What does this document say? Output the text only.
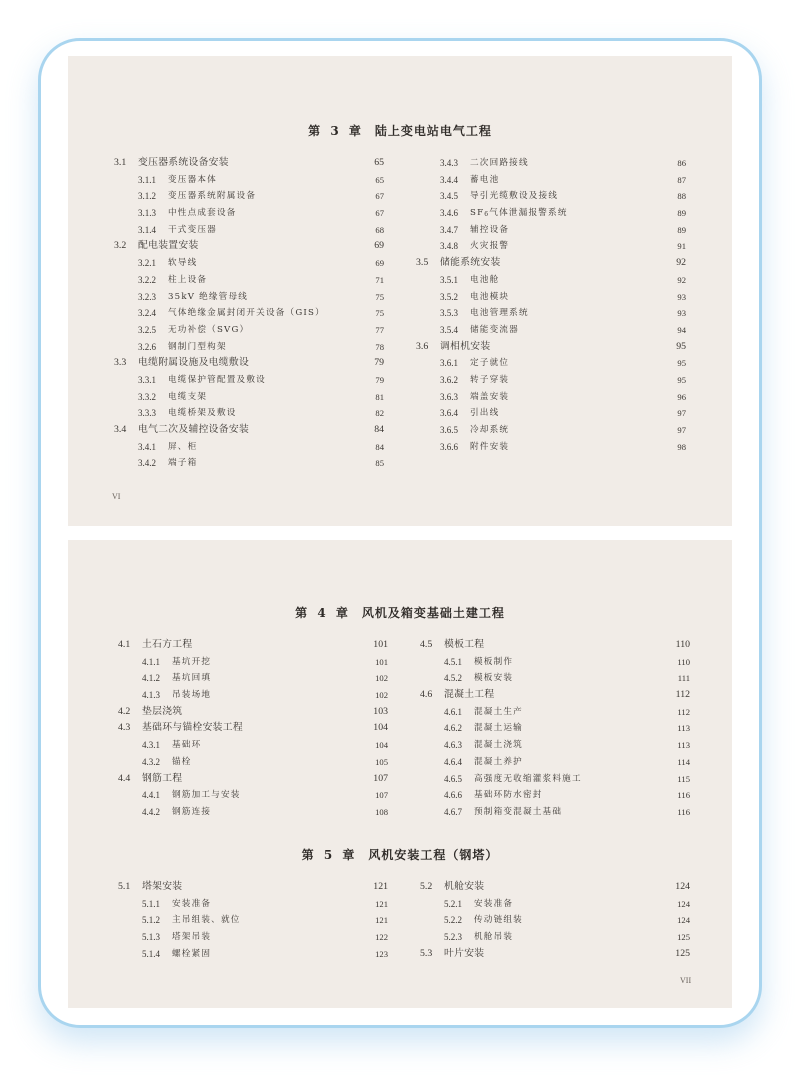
第 3 章　陆上变电站电气工程
3.1 变压器系统设备安装	65
3.1.1 变压器本体	65
3.1.2 变压器系统附属设备	67
3.1.3 中性点成套设备	67
3.1.4 干式变压器	68
3.2 配电装置安装	69
3.2.1 软导线	69
3.2.2 柱上设备	71
3.2.3 35kV 绝缘管母线	75
3.2.4 气体绝缘金属封闭开关设备（GIS）	75
3.2.5 无功补偿（SVG）	77
3.2.6 钢制门型构架	78
3.3 电缆附属设施及电缆敷设	79
3.3.1 电缆保护管配置及敷设	79
3.3.2 电缆支架	81
3.3.3 电缆桥架及敷设	82
3.4 电气二次及辅控设备安装	84
3.4.1 屏、柜	84
3.4.2 端子箱	85
3.4.3 二次回路接线	86
3.4.4 蓄电池	87
3.4.5 导引光缆敷设及接线	88
3.4.6 $SF_6$气体泄漏报警系统	89
3.4.7 辅控设备	89
3.4.8 火灾报警	91
3.5 储能系统安装	92
3.5.1 电池舱	92
3.5.2 电池模块	93
3.5.3 电池管理系统	93
3.5.4 储能变流器	94
3.6 调相机安装	95
3.6.1 定子就位	95
3.6.2 转子穿装	95
3.6.3 端盖安装	96
3.6.4 引出线	97
3.6.5 冷却系统	97
3.6.6 附件安装	98
VI
第 4 章　风机及箱变基础土建工程
4.1 土石方工程	101
4.1.1 基坑开挖	101
4.1.2 基坑回填	102
4.1.3 吊装场地	102
4.2 垫层浇筑	103
4.3 基础环与锚栓安装工程	104
4.3.1 基础环	104
4.3.2 锚栓	105
4.4 钢筋工程	107
4.4.1 钢筋加工与安装	107
4.4.2 钢筋连接	108
4.5 模板工程	110
4.5.1 模板制作	110
4.5.2 模板安装	111
4.6 混凝土工程	112
4.6.1 混凝土生产	112
4.6.2 混凝土运输	113
4.6.3 混凝土浇筑	113
4.6.4 混凝土养护	114
4.6.5 高强度无收缩灌浆料施工	115
4.6.6 基础环防水密封	116
4.6.7 预制箱变混凝土基础	116
第 5 章　风机安装工程（钢塔）
5.1 塔架安装	121
5.1.1 安装准备	121
5.1.2 主吊组装、就位	121
5.1.3 塔架吊装	122
5.1.4 螺栓紧固	123
5.2 机舱安装	124
5.2.1 安装准备	124
5.2.2 传动链组装	124
5.2.3 机舱吊装	125
5.3 叶片安装	125
VII
